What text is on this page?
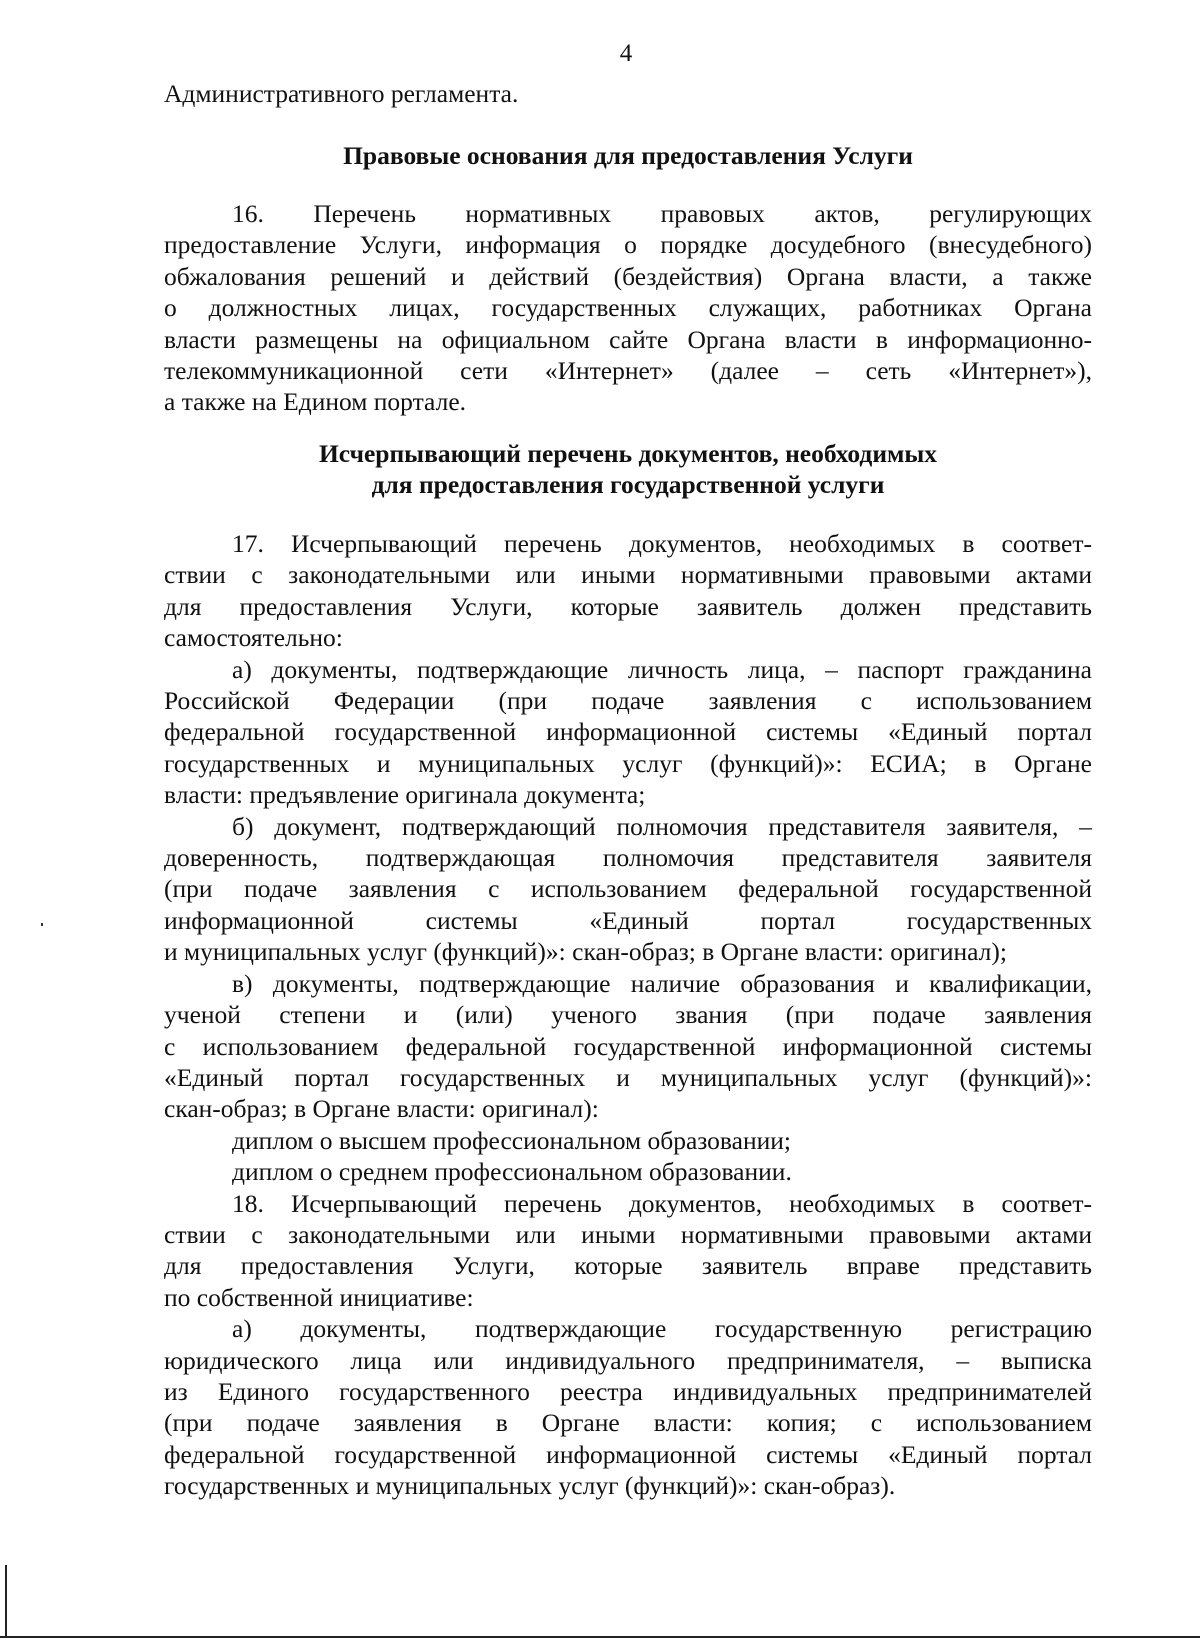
4
Административного регламента.
Правовые основания для предоставления Услуги
16. Перечень нормативных правовых актов, регулирующих
предоставление Услуги, информация о порядке досудебного (внесудебного)
обжалования решений и действий (бездействия) Органа власти, а также
о должностных лицах, государственных служащих, работниках Органа
власти размещены на официальном сайте Органа власти в информационно-
телекоммуникационной сети «Интернет» (далее – сеть «Интернет»),
а также на Едином портале.
Исчерпывающий перечень документов, необходимых
для предоставления государственной услуги
17. Исчерпывающий перечень документов, необходимых в соответ-
ствии с законодательными или иными нормативными правовыми актами
для предоставления Услуги, которые заявитель должен представить
самостоятельно:
а) документы, подтверждающие личность лица, – паспорт гражданина
Российской Федерации (при подаче заявления с использованием
федеральной государственной информационной системы «Единый портал
государственных и муниципальных услуг (функций)»: ЕСИА; в Органе
власти: предъявление оригинала документа;
б) документ, подтверждающий полномочия представителя заявителя, –
доверенность, подтверждающая полномочия представителя заявителя
(при подаче заявления с использованием федеральной государственной
информационной системы «Единый портал государственных
и муниципальных услуг (функций)»: скан-образ; в Органе власти: оригинал);
в) документы, подтверждающие наличие образования и квалификации,
ученой степени и (или) ученого звания (при подаче заявления
с использованием федеральной государственной информационной системы
«Единый портал государственных и муниципальных услуг (функций)»:
скан-образ; в Органе власти: оригинал):
диплом о высшем профессиональном образовании;
диплом о среднем профессиональном образовании.
18. Исчерпывающий перечень документов, необходимых в соответ-
ствии с законодательными или иными нормативными правовыми актами
для предоставления Услуги, которые заявитель вправе представить
по собственной инициативе:
а) документы, подтверждающие государственную регистрацию
юридического лица или индивидуального предпринимателя, – выписка
из Единого государственного реестра индивидуальных предпринимателей
(при подаче заявления в Органе власти: копия; с использованием
федеральной государственной информационной системы «Единый портал
государственных и муниципальных услуг (функций)»: скан-образ).
